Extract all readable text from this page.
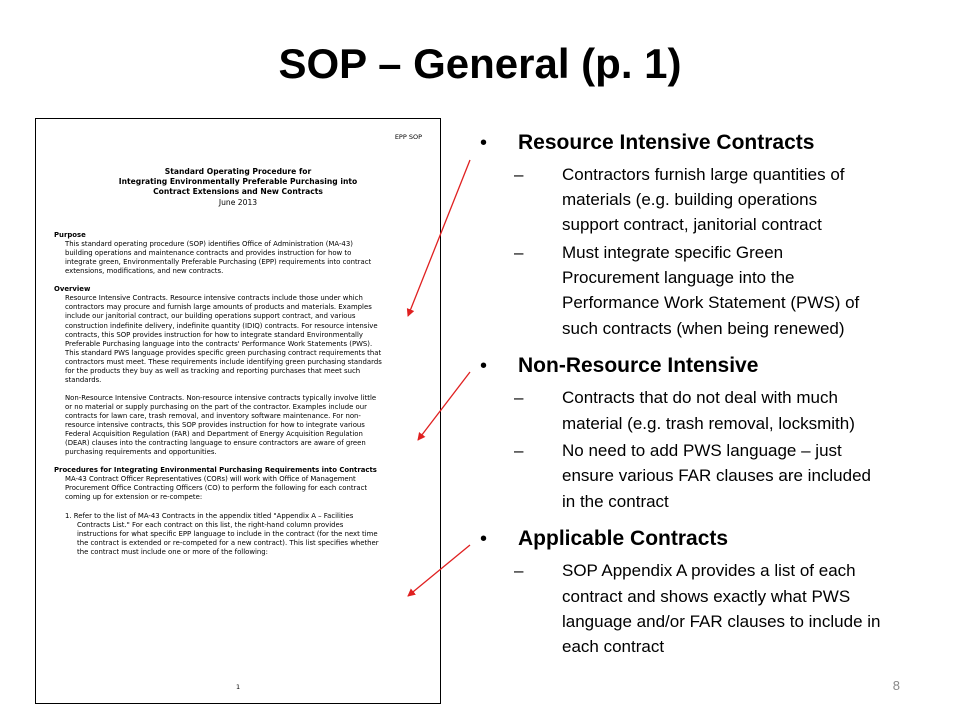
SOP – General (p. 1)
EPP SOP
Standard Operating Procedure for
Integrating Environmentally Preferable Purchasing into
Contract Extensions and New Contracts
June 2013
Purpose
This standard operating procedure (SOP) identifies Office of Administration (MA-43)
building operations and maintenance contracts and provides instruction for how to
integrate green, Environmentally Preferable Purchasing (EPP) requirements into contract
extensions, modifications, and new contracts.
Overview
Resource Intensive Contracts. Resource intensive contracts include those under which
contractors may procure and furnish large amounts of products and materials. Examples
include our janitorial contract, our building operations support contract, and various
construction indefinite delivery, indefinite quantity (IDIQ) contracts. For resource intensive
contracts, this SOP provides instruction for how to integrate standard Environmentally
Preferable Purchasing language into the contracts' Performance Work Statements (PWS).
This standard PWS language provides specific green purchasing contract requirements that
contractors must meet. These requirements include identifying green purchasing standards
for the products they buy as well as tracking and reporting purchases that meet such
standards.
Non-Resource Intensive Contracts. Non-resource intensive contracts typically involve little
or no material or supply purchasing on the part of the contractor. Examples include our
contracts for lawn care, trash removal, and inventory software maintenance. For non-
resource intensive contracts, this SOP provides instruction for how to integrate various
Federal Acquisition Regulation (FAR) and Department of Energy Acquisition Regulation
(DEAR) clauses into the contracting language to ensure contractors are aware of green
purchasing requirements and opportunities.
Procedures for Integrating Environmental Purchasing Requirements into Contracts
MA-43 Contract Officer Representatives (CORs) will work with Office of Management
Procurement Office Contracting Officers (CO) to perform the following for each contract
coming up for extension or re-compete:
1. Refer to the list of MA-43 Contracts in the appendix titled "Appendix A – Facilities
Contracts List." For each contract on this list, the right-hand column provides
instructions for what specific EPP language to include in the contract (for the next time
the contract is extended or re-competed for a new contract). This list specifies whether
the contract must include one or more of the following:
1
• Resource Intensive Contracts
– Contractors furnish large quantities of
materials (e.g. building operations
support contract, janitorial contract
– Must integrate specific Green
Procurement language into the
Performance Work Statement (PWS) of
such contracts (when being renewed)
• Non-Resource Intensive
– Contracts that do not deal with much
material (e.g. trash removal, locksmith)
– No need to add PWS language – just
ensure various FAR clauses are included
in the contract
• Applicable Contracts
– SOP Appendix A provides a list of each
contract and shows exactly what PWS
language and/or FAR clauses to include in
each contract
8
